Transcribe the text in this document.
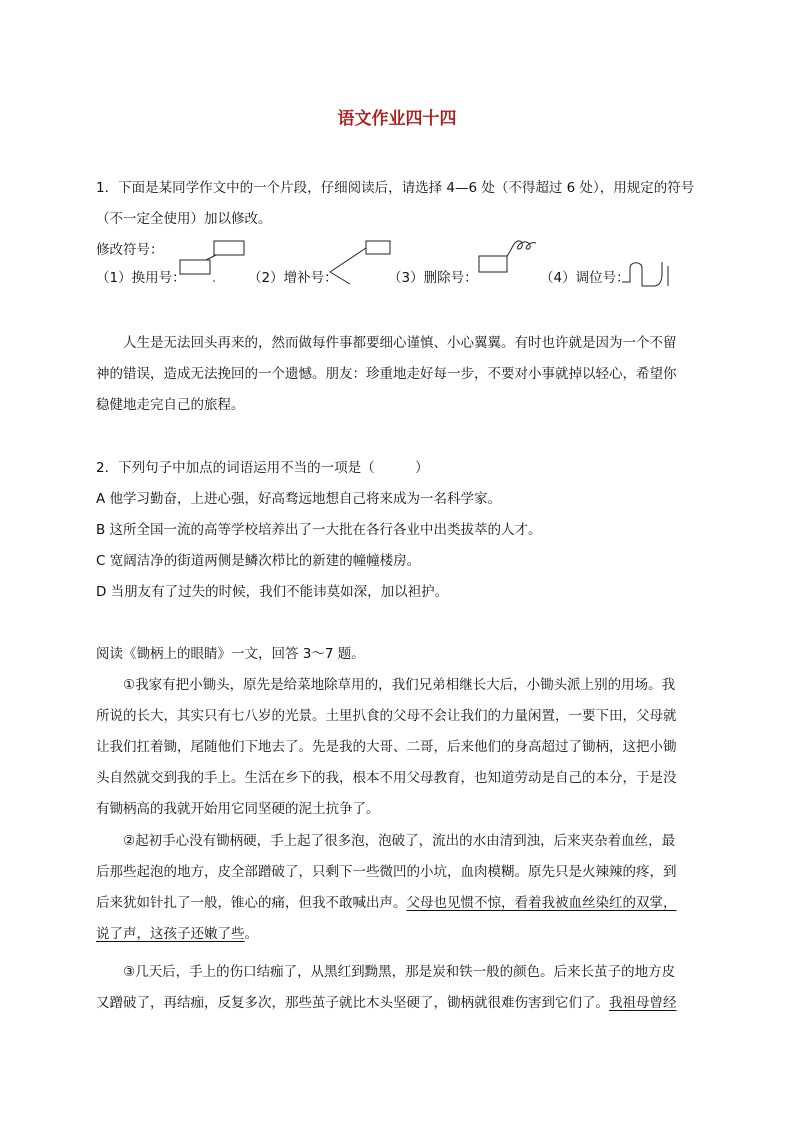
语文作业四十四
1．下面是某同学作文中的一个片段，仔细阅读后，请选择 4—6 处（不得超过 6 处），用规定的符号
（不一定全使用）加以修改。
修改符号：
（1）换用号：	（2）增补号：	（3）删除号：	（4）调位号：
人生是无法回头再来的，然而做每件事都要细心谨慎、小心翼翼。有时也许就是因为一个不留
神的错误，造成无法挽回的一个遗憾。朋友：珍重地走好每一步，不要对小事就掉以轻心，希望你
稳健地走完自己的旅程。
2．下列句子中加点的词语运用不当的一项是（　　　）
A 他学习勤奋，上进心强，好高骛远地想自己将来成为一名科学家。
B 这所全国一流的高等学校培养出了一大批在各行各业中出类拔萃的人才。
C 宽阔洁净的街道两侧是鳞次栉比的新建的幢幢楼房。
D 当朋友有了过失的时候，我们不能讳莫如深，加以袒护。
阅读《锄柄上的眼睛》一文，回答 3～7 题。
①我家有把小锄头，原先是给菜地除草用的，我们兄弟相继长大后，小锄头派上别的用场。我
所说的长大，其实只有七八岁的光景。土里扒食的父母不会让我们的力量闲置，一要下田，父母就
让我们扛着锄，尾随他们下地去了。先是我的大哥、二哥，后来他们的身高超过了锄柄，这把小锄
头自然就交到我的手上。生活在乡下的我，根本不用父母教育，也知道劳动是自己的本分，于是没
有锄柄高的我就开始用它同坚硬的泥土抗争了。
②起初手心没有锄柄硬，手上起了很多泡，泡破了，流出的水由清到浊，后来夹杂着血丝，最
后那些起泡的地方，皮全部蹭破了，只剩下一些微凹的小坑，血肉模糊。原先只是火辣辣的疼，到
后来犹如针扎了一般，锥心的痛，但我不敢喊出声。父母也见惯不惊，看着我被血丝染红的双掌，
说了声，这孩子还嫩了些。
③几天后，手上的伤口结痂了，从黑红到黝黑，那是炭和铁一般的颜色。后来长茧子的地方皮
又蹭破了，再结痂，反复多次，那些茧子就比木头坚硬了，锄柄就很难伤害到它们了。我祖母曾经
